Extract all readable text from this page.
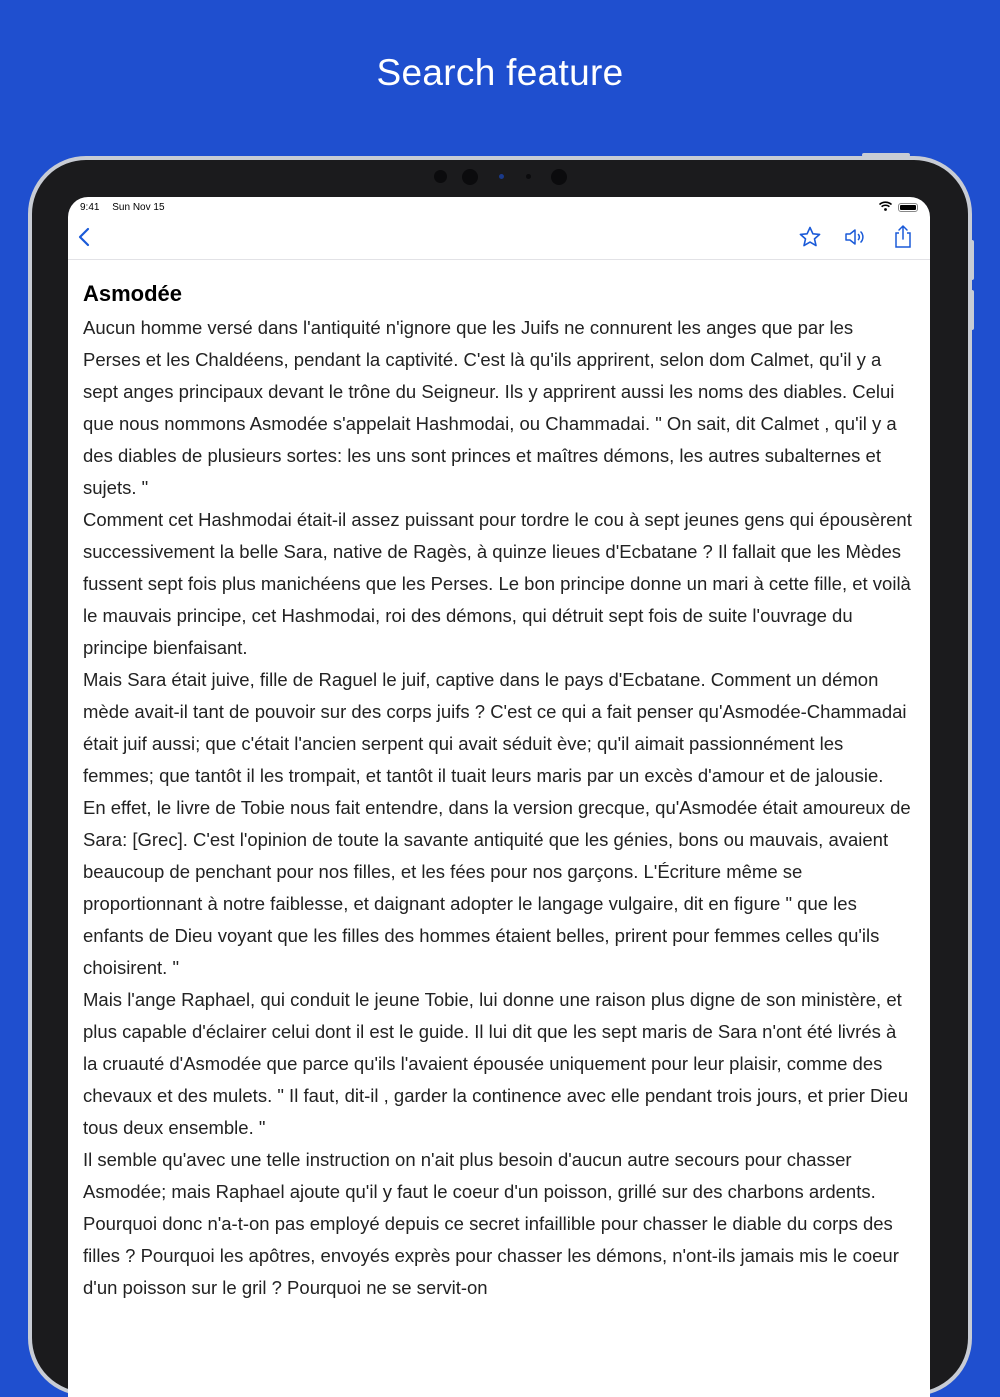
Search feature
9:41 Sun Nov 15
Asmodée

Aucun homme versé dans l'antiquité n'ignore que les Juifs ne connurent les anges que par les Perses et les Chaldéens, pendant la captivité. C'est là qu'ils apprirent, selon dom Calmet, qu'il y a sept anges principaux devant le trône du Seigneur. Ils y apprirent aussi les noms des diables. Celui que nous nommons Asmodée s'appelait Hashmodai, ou Chammadai. " On sait, dit Calmet , qu'il y a des diables de plusieurs sortes: les uns sont princes et maîtres démons, les autres subalternes et sujets. "

Comment cet Hashmodai était-il assez puissant pour tordre le cou à sept jeunes gens qui épousèrent successivement la belle Sara, native de Ragès, à quinze lieues d'Ecbatane ? Il fallait que les Mèdes fussent sept fois plus manichéens que les Perses. Le bon principe donne un mari à cette fille, et voilà le mauvais principe, cet Hashmodai, roi des démons, qui détruit sept fois de suite l'ouvrage du principe bienfaisant.

Mais Sara était juive, fille de Raguel le juif, captive dans le pays d'Ecbatane. Comment un démon mède avait-il tant de pouvoir sur des corps juifs ? C'est ce qui a fait penser qu'Asmodée-Chammadai était juif aussi; que c'était l'ancien serpent qui avait séduit ève; qu'il aimait passionnément les femmes; que tantôt il les trompait, et tantôt il tuait leurs maris par un excès d'amour et de jalousie.

En effet, le livre de Tobie nous fait entendre, dans la version grecque, qu'Asmodée était amoureux de Sara: [Grec]. C'est l'opinion de toute la savante antiquité que les génies, bons ou mauvais, avaient beaucoup de penchant pour nos filles, et les fées pour nos garçons. L'Écriture même se proportionnant à notre faiblesse, et daignant adopter le langage vulgaire, dit en figure " que les enfants de Dieu voyant que les filles des hommes étaient belles, prirent pour femmes celles qu'ils choisirent. "

Mais l'ange Raphael, qui conduit le jeune Tobie, lui donne une raison plus digne de son ministère, et plus capable d'éclairer celui dont il est le guide. Il lui dit que les sept maris de Sara n'ont été livrés à la cruauté d'Asmodée que parce qu'ils l'avaient épousée uniquement pour leur plaisir, comme des chevaux et des mulets. " Il faut, dit-il , garder la continence avec elle pendant trois jours, et prier Dieu tous deux ensemble. "

Il semble qu'avec une telle instruction on n'ait plus besoin d'aucun autre secours pour chasser Asmodée; mais Raphael ajoute qu'il y faut le coeur d'un poisson, grillé sur des charbons ardents. Pourquoi donc n'a-t-on pas employé depuis ce secret infaillible pour chasser le diable du corps des filles ? Pourquoi les apôtres, envoyés exprès pour chasser les démons, n'ont-ils jamais mis le coeur d'un poisson sur le gril ? Pourquoi ne se servit-on
